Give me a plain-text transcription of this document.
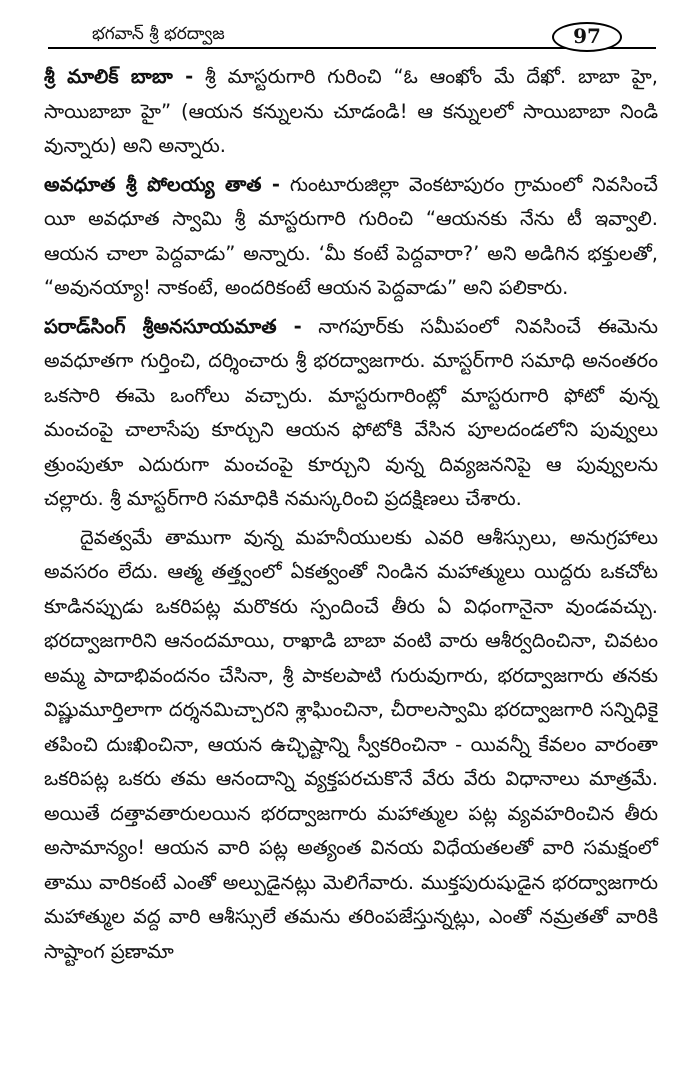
భగవాన్ శ్రీ భరద్వాజ	97

శ్రీ మాలిక్ బాబా - శ్రీ మాస్టరుగారి గురించి “ఓ ఆంఖోం మే దేఖో. బాబా హై, సాయిబాబా హై” (ఆయన కన్నులను చూడండి! ఆ కన్నులలో సాయిబాబా నిండి వున్నారు) అని అన్నారు.

అవధూత శ్రీ పోలయ్య తాత - గుంటూరుజిల్లా వెంకటాపురం గ్రామంలో నివసించే యీ అవధూత స్వామి శ్రీ మాస్టరుగారి గురించి “ఆయనకు నేను టీ ఇవ్వాలి. ఆయన చాలా పెద్దవాడు” అన్నారు. ‘మీ కంటే పెద్దవారా?’ అని అడిగిన భక్తులతో, “అవునయ్యా! నాకంటే, అందరికంటే ఆయన పెద్దవాడు” అని పలికారు.

పరాడ్‌సింగ్ శ్రీఅనసూయమాత - నాగపూర్‌కు సమీపంలో నివసించే ఈమెను అవధూతగా గుర్తించి, దర్శించారు శ్రీ భరద్వాజగారు. మాస్టర్‌గారి సమాధి అనంతరం ఒకసారి ఈమె ఒంగోలు వచ్చారు. మాస్టరుగారింట్లో మాస్టరుగారి ఫోటో వున్న మంచంపై చాలాసేపు కూర్చుని ఆయన ఫోటోకి వేసిన పూలదండలోని పువ్వులు త్రుంపుతూ ఎదురుగా మంచంపై కూర్చుని వున్న దివ్యజననిపై ఆ పువ్వులను చల్లారు. శ్రీ మాస్టర్‌గారి సమాధికి నమస్కరించి ప్రదక్షిణలు చేశారు.

దైవత్వమే తాముగా వున్న మహనీయులకు ఎవరి ఆశీస్సులు, అనుగ్రహాలు అవసరం లేదు. ఆత్మ తత్త్వంలో ఏకత్వంతో నిండిన మహాత్ములు యిద్దరు ఒకచోట కూడినప్పుడు ఒకరిపట్ల మరొకరు స్పందించే తీరు ఏ విధంగానైనా వుండవచ్చు. భరద్వాజగారిని ఆనందమాయి, రాఖాడి బాబా వంటి వారు ఆశీర్వదించినా, చివటం అమ్మ పాదాభివందనం చేసినా, శ్రీ పాకలపాటి గురువుగారు, భరద్వాజగారు తనకు విష్ణుమూర్తిలాగా దర్శనమిచ్చారని శ్లాఘించినా, చీరాలస్వామి భరద్వాజగారి సన్నిధికై తపించి దుఃఖించినా, ఆయన ఉచ్ఛిష్టాన్ని స్వీకరించినా - యివన్నీ కేవలం వారంతా ఒకరిపట్ల ఒకరు తమ ఆనందాన్ని వ్యక్తపరచుకొనే వేరు వేరు విధానాలు మాత్రమే. అయితే దత్తావతారులయిన భరద్వాజగారు మహాత్ముల పట్ల వ్యవహరించిన తీరు అసామాన్యం! ఆయన వారి పట్ల అత్యంత వినయ విధేయతలతో వారి సమక్షంలో తాము వారికంటే ఎంతో అల్పుడైనట్లు మెలిగేవారు. ముక్తపురుషుడైన భరద్వాజగారు మహాత్ముల వద్ద వారి ఆశీస్సులే తమను తరింపజేస్తున్నట్లు, ఎంతో నమ్రతతో వారికి సాష్టాంగ ప్రణామా
